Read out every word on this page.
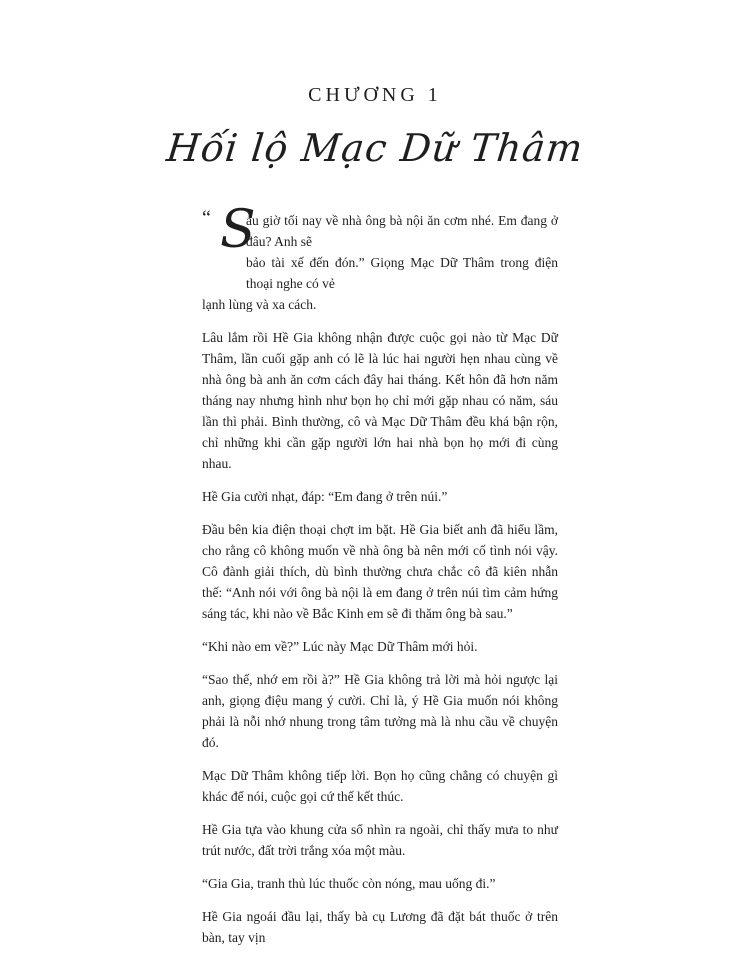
CHƯƠNG 1
Hối lộ Mạc Dữ Thâm

“ S
áu giờ tối nay về nhà ông bà nội ăn cơm nhé. Em đang ở đâu? Anh sẽ
bảo tài xế đến đón.” Giọng Mạc Dữ Thâm trong điện thoại nghe có vẻ
lạnh lùng và xa cách.

Lâu lắm rồi Hề Gia không nhận được cuộc gọi nào từ Mạc Dữ Thâm, lần cuối gặp anh có lẽ là lúc hai người hẹn nhau cùng về nhà ông bà anh ăn cơm cách đây hai tháng. Kết hôn đã hơn năm tháng nay nhưng hình như bọn họ chỉ mới gặp nhau có năm, sáu lần thì phải. Bình thường, cô và Mạc Dữ Thâm đều khá bận rộn, chỉ những khi cần gặp người lớn hai nhà bọn họ mới đi cùng nhau.

Hề Gia cười nhạt, đáp: “Em đang ở trên núi.”

Đầu bên kia điện thoại chợt im bặt. Hề Gia biết anh đã hiểu lầm, cho rằng cô không muốn về nhà ông bà nên mới cố tình nói vậy. Cô đành giải thích, dù bình thường chưa chắc cô đã kiên nhẫn thế: “Anh nói với ông bà nội là em đang ở trên núi tìm cảm hứng sáng tác, khi nào về Bắc Kinh em sẽ đi thăm ông bà sau.”

“Khi nào em về?” Lúc này Mạc Dữ Thâm mới hỏi.

“Sao thế, nhớ em rồi à?” Hề Gia không trả lời mà hỏi ngược lại anh, giọng điệu mang ý cười. Chỉ là, ý Hề Gia muốn nói không phải là nỗi nhớ nhung trong tâm tưởng mà là nhu cầu về chuyện đó.

Mạc Dữ Thâm không tiếp lời. Bọn họ cũng chẳng có chuyện gì khác để nói, cuộc gọi cứ thế kết thúc.

Hề Gia tựa vào khung cửa sổ nhìn ra ngoài, chỉ thấy mưa to như trút nước, đất trời trắng xóa một màu.

“Gia Gia, tranh thủ lúc thuốc còn nóng, mau uống đi.”

Hề Gia ngoái đầu lại, thấy bà cụ Lương đã đặt bát thuốc ở trên bàn, tay vịn
